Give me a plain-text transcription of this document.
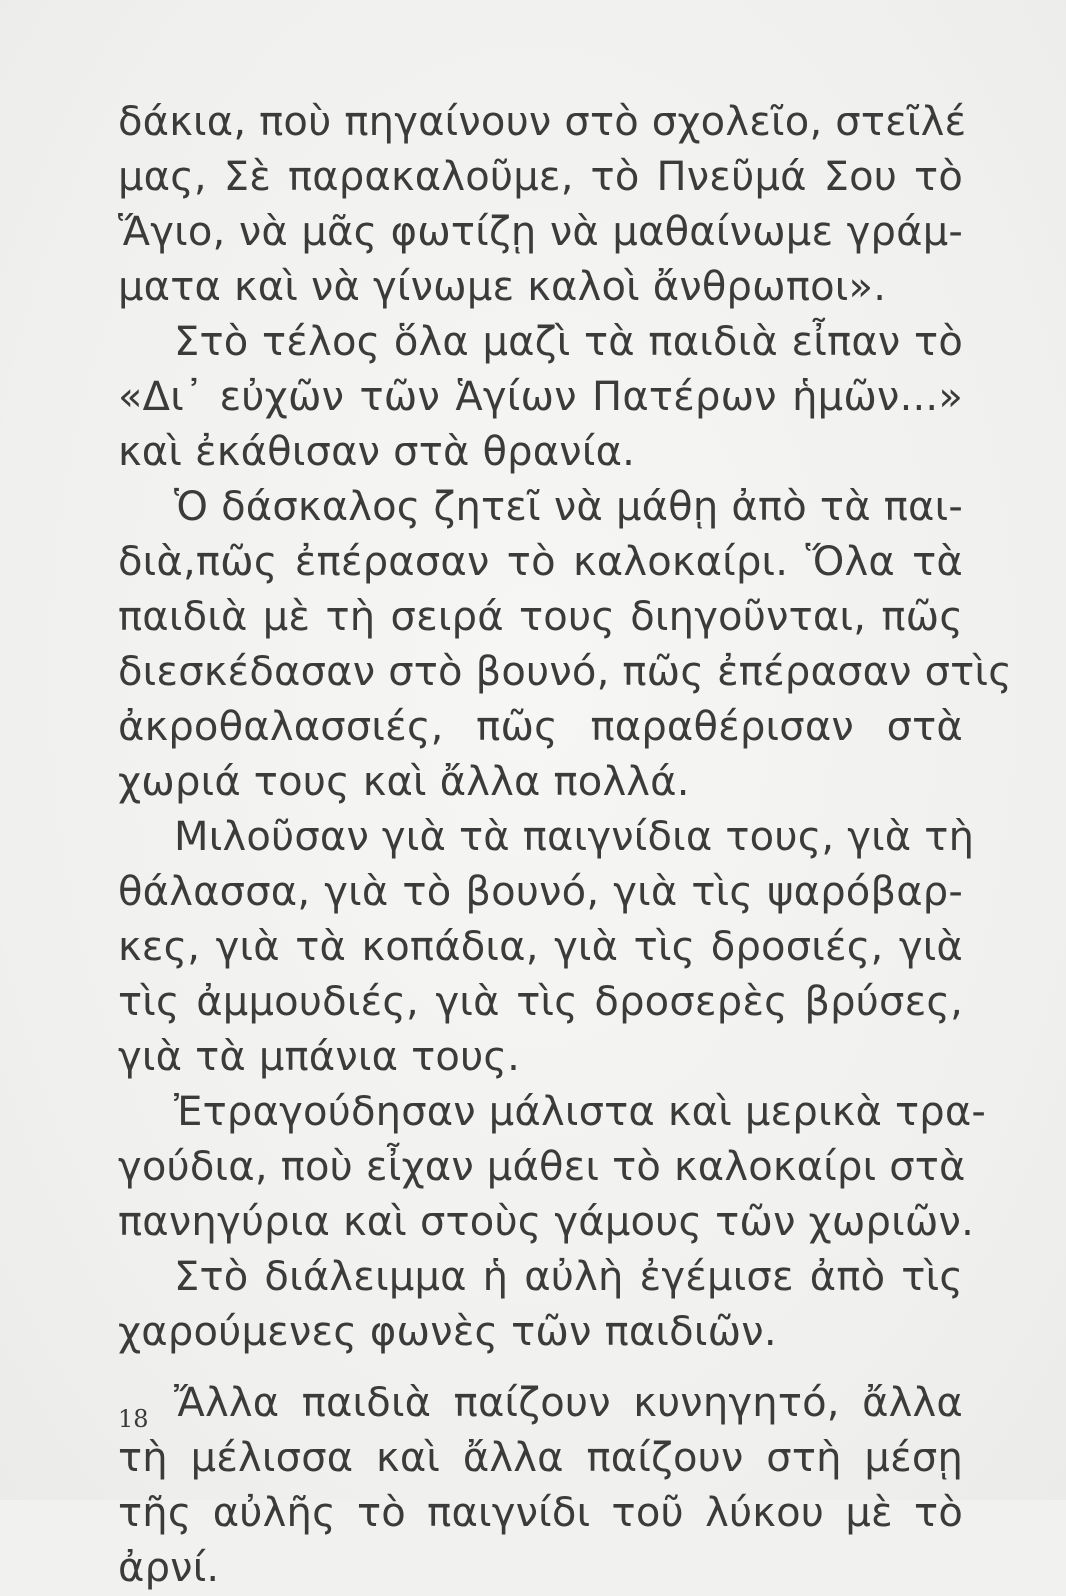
δάκια, ποὺ πηγαίνουν στὸ σχολεῖο, στεῖλέ
μας, Σὲ παρακαλοῦμε, τὸ Πνεῦμά Σου τὸ
Ἅγιο, νὰ μᾶς φωτίζῃ νὰ μαθαίνωμε γράμ-
ματα καὶ νὰ γίνωμε καλοὶ ἄνθρωποι».
Στὸ τέλος ὅλα μαζὶ τὰ παιδιὰ εἶπαν τὸ
«Δι᾽ εὐχῶν τῶν Ἁγίων Πατέρων ἡμῶν...»
καὶ ἐκάθισαν στὰ θρανία.
Ὁ δάσκαλος ζητεῖ νὰ μάθῃ ἀπὸ τὰ παι-
διὰ,πῶς ἐπέρασαν τὸ καλοκαίρι. Ὅλα τὰ
παιδιὰ μὲ τὴ σειρά τους διηγοῦνται, πῶς
διεσκέδασαν στὸ βουνό, πῶς ἐπέρασαν στὶς
ἀκροθαλασσιές, πῶς παραθέρισαν στὰ
χωριά τους καὶ ἄλλα πολλά.
Μιλοῦσαν γιὰ τὰ παιγνίδια τους, γιὰ τὴ
θάλασσα, γιὰ τὸ βουνό, γιὰ τὶς ψαρόβαρ-
κες, γιὰ τὰ κοπάδια, γιὰ τὶς δροσιές, γιὰ
τὶς ἀμμουδιές, γιὰ τὶς δροσερὲς βρύσες,
γιὰ τὰ μπάνια τους.
Ἐτραγούδησαν μάλιστα καὶ μερικὰ τρα-
γούδια, ποὺ εἶχαν μάθει τὸ καλοκαίρι στὰ
πανηγύρια καὶ στοὺς γάμους τῶν χωριῶν.
Στὸ διάλειμμα ἡ αὐλὴ ἐγέμισε ἀπὸ τὶς
χαρούμενες φωνὲς τῶν παιδιῶν.
Ἄλλα παιδιὰ παίζουν κυνηγητό, ἄλλα
τὴ μέλισσα καὶ ἄλλα παίζουν στὴ μέσῃ
τῆς αὐλῆς τὸ παιγνίδι τοῦ λύκου μὲ τὸ
ἀρνί.
18
